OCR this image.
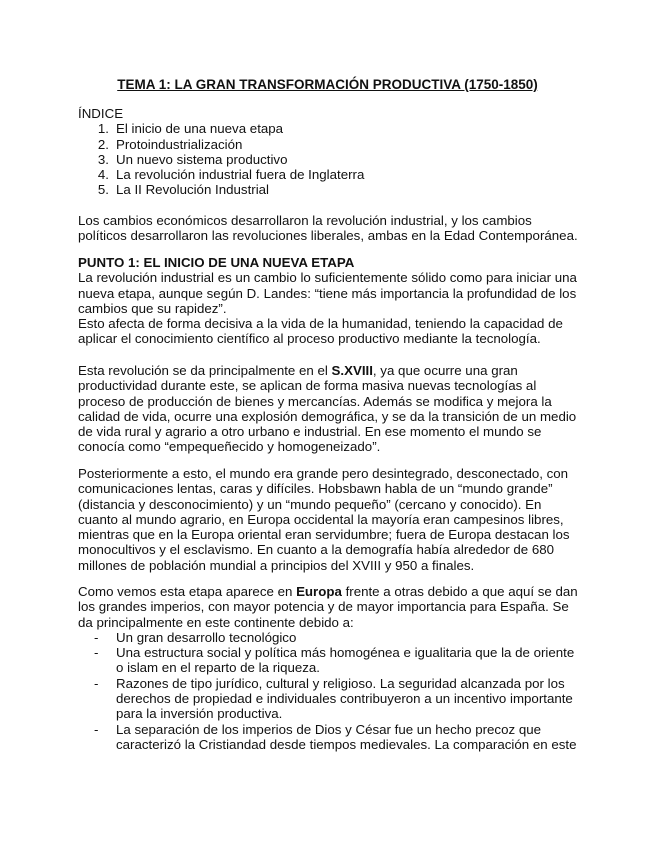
TEMA 1: LA GRAN TRANSFORMACIÓN PRODUCTIVA (1750-1850)

ÍNDICE

1. El inicio de una nueva etapa
2. Protoindustrialización
3. Un nuevo sistema productivo
4. La revolución industrial fuera de Inglaterra
5. La II Revolución Industrial

Los cambios económicos desarrollaron la revolución industrial, y los cambios políticos desarrollaron las revoluciones liberales, ambas en la Edad Contemporánea.

PUNTO 1: EL INICIO DE UNA NUEVA ETAPA

La revolución industrial es un cambio lo suficientemente sólido como para iniciar una nueva etapa, aunque según D. Landes: “tiene más importancia la profundidad de los cambios que su rapidez”.

Esto afecta de forma decisiva a la vida de la humanidad, teniendo la capacidad de aplicar el conocimiento científico al proceso productivo mediante la tecnología.

Esta revolución se da principalmente en el S.XVIII, ya que ocurre una gran productividad durante este, se aplican de forma masiva nuevas tecnologías al proceso de producción de bienes y mercancías. Además se modifica y mejora la calidad de vida, ocurre una explosión demográfica, y se da la transición de un medio de vida rural y agrario a otro urbano e industrial. En ese momento el mundo se conocía como “empequeñecido y homogeneizado”.

Posteriormente a esto, el mundo era grande pero desintegrado, desconectado, con comunicaciones lentas, caras y difíciles. Hobsbawn habla de un “mundo grande” (distancia y desconocimiento) y un “mundo pequeño” (cercano y conocido). En cuanto al mundo agrario, en Europa occidental la mayoría eran campesinos libres, mientras que en la Europa oriental eran servidumbre; fuera de Europa destacan los monocultivos y el esclavismo. En cuanto a la demografía había alrededor de 680 millones de población mundial a principios del XVIII y 950 a finales.

Como vemos esta etapa aparece en Europa frente a otras debido a que aquí se dan los grandes imperios, con mayor potencia y de mayor importancia para España. Se da principalmente en este continente debido a:

-	Un gran desarrollo tecnológico
-	Una estructura social y política más homogénea e igualitaria que la de oriente o islam en el reparto de la riqueza.
-	Razones de tipo jurídico, cultural y religioso. La seguridad alcanzada por los derechos de propiedad e individuales contribuyeron a un incentivo importante para la inversión productiva.
-	La separación de los imperios de Dios y César fue un hecho precoz que caracterizó la Cristiandad desde tiempos medievales. La comparación en este
